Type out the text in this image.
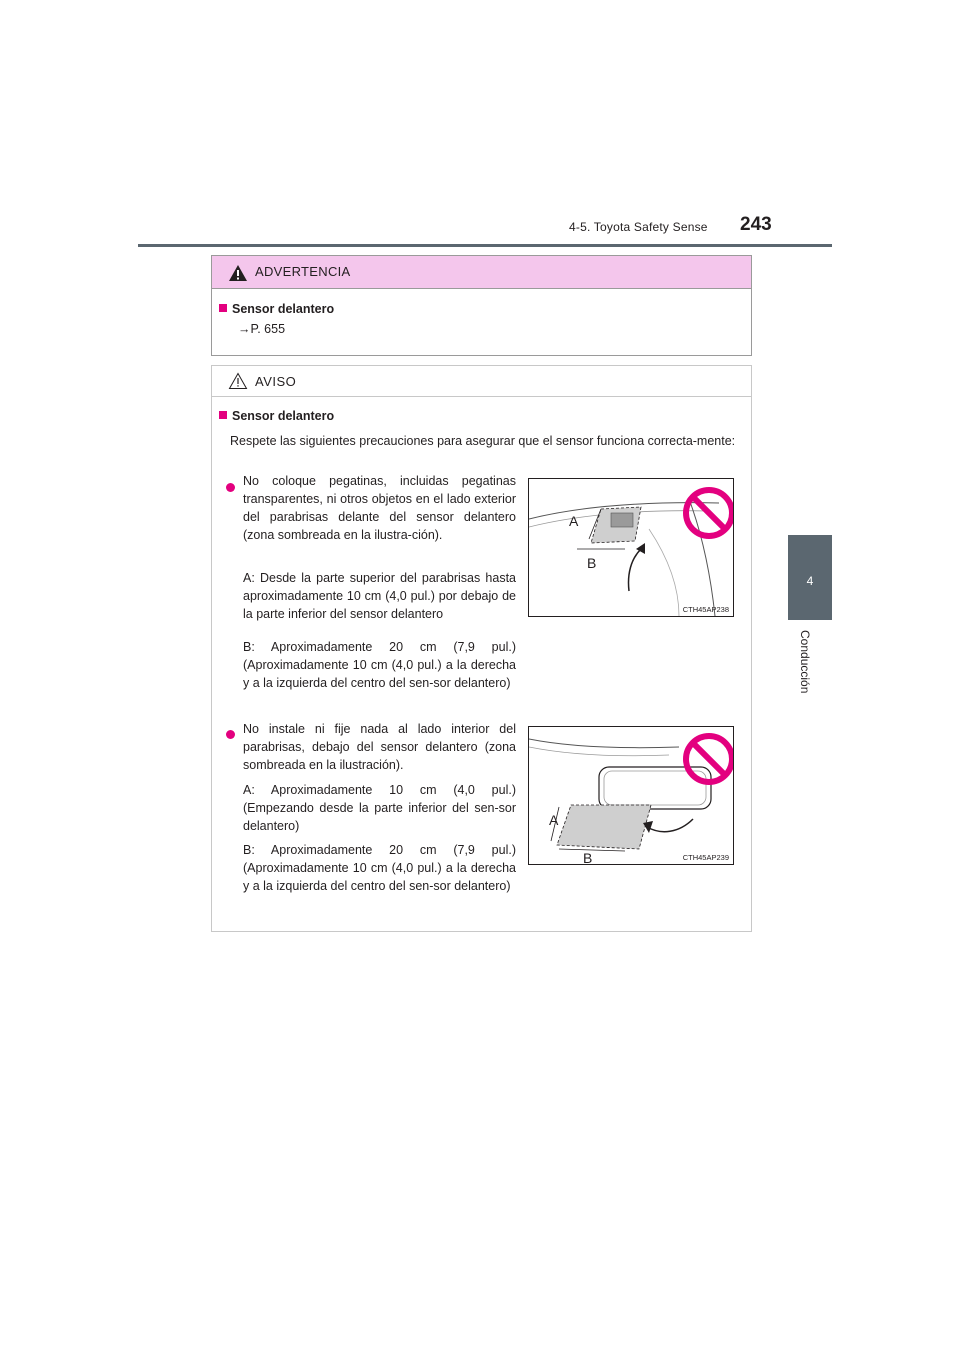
4-5. Toyota Safety Sense 243
4
Conducción
ADVERTENCIA
Sensor delantero
→P. 655
AVISO
Sensor delantero
Respete las siguientes precauciones para asegurar que el sensor funciona correcta-mente:
No coloque pegatinas, incluidas pegatinas transparentes, ni otros objetos en el lado exterior del parabrisas delante del sensor delantero (zona sombreada en la ilustra-ción).
A: Desde la parte superior del parabrisas hasta aproximadamente 10 cm (4,0 pul.) por debajo de la parte inferior del sensor delantero
B: Aproximadamente 20 cm (7,9 pul.) (Aproximadamente 10 cm (4,0 pul.) a la derecha y a la izquierda del centro del sen-sor delantero)
A
B
CTH45AP238
No instale ni fije nada al lado interior del parabrisas, debajo del sensor delantero (zona sombreada en la ilustración).
A: Aproximadamente 10 cm (4,0 pul.) (Empezando desde la parte inferior del sen-sor delantero)
B: Aproximadamente 20 cm (7,9 pul.) (Aproximadamente 10 cm (4,0 pul.) a la derecha y a la izquierda del centro del sen-sor delantero)
A
B	CTH45AP239
